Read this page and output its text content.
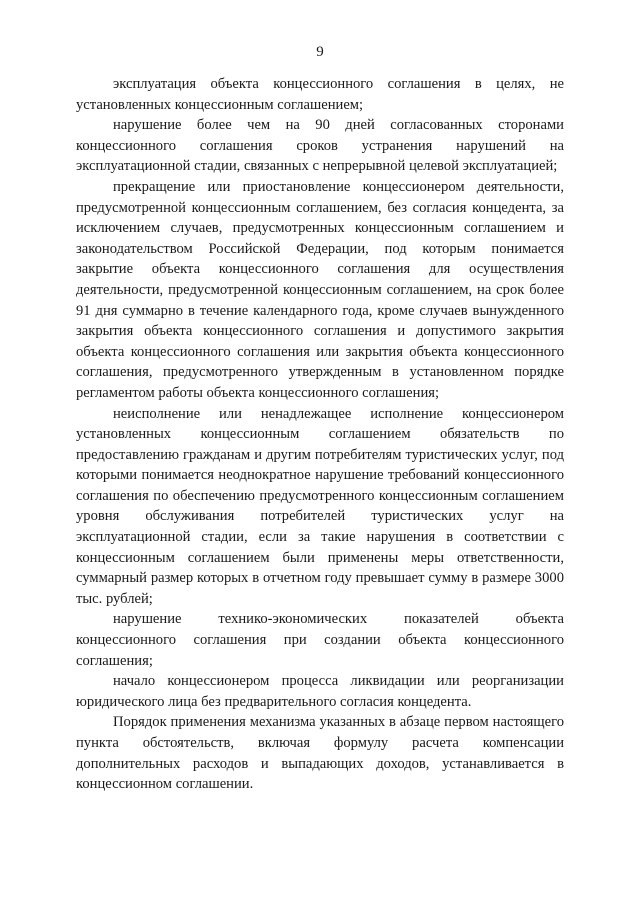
9

эксплуатация объекта концессионного соглашения в целях, не установленных концессионным соглашением;

нарушение более чем на 90 дней согласованных сторонами концессионного соглашения сроков устранения нарушений на эксплуатационной стадии, связанных с непрерывной целевой эксплуатацией;

прекращение или приостановление концессионером деятельности, предусмотренной концессионным соглашением, без согласия концедента, за исключением случаев, предусмотренных концессионным соглашением и законодательством Российской Федерации, под которым понимается закрытие объекта концессионного соглашения для осуществления деятельности, предусмотренной концессионным соглашением, на срок более 91 дня суммарно в течение календарного года, кроме случаев вынужденного закрытия объекта концессионного соглашения и допустимого закрытия объекта концессионного соглашения или закрытия объекта концессионного соглашения, предусмотренного утвержденным в установленном порядке регламентом работы объекта концессионного соглашения;

неисполнение или ненадлежащее исполнение концессионером установленных концессионным соглашением обязательств по предоставлению гражданам и другим потребителям туристических услуг, под которыми понимается неоднократное нарушение требований концессионного соглашения по обеспечению предусмотренного концессионным соглашением уровня обслуживания потребителей туристических услуг на эксплуатационной стадии, если за такие нарушения в соответствии с концессионным соглашением были применены меры ответственности, суммарный размер которых в отчетном году превышает сумму в размере 3000 тыс. рублей;

нарушение технико-экономических показателей объекта концессионного соглашения при создании объекта концессионного соглашения;

начало концессионером процесса ликвидации или реорганизации юридического лица без предварительного согласия концедента.

Порядок применения механизма указанных в абзаце первом настоящего пункта обстоятельств, включая формулу расчета компенсации дополнительных расходов и выпадающих доходов, устанавливается в концессионном соглашении.
